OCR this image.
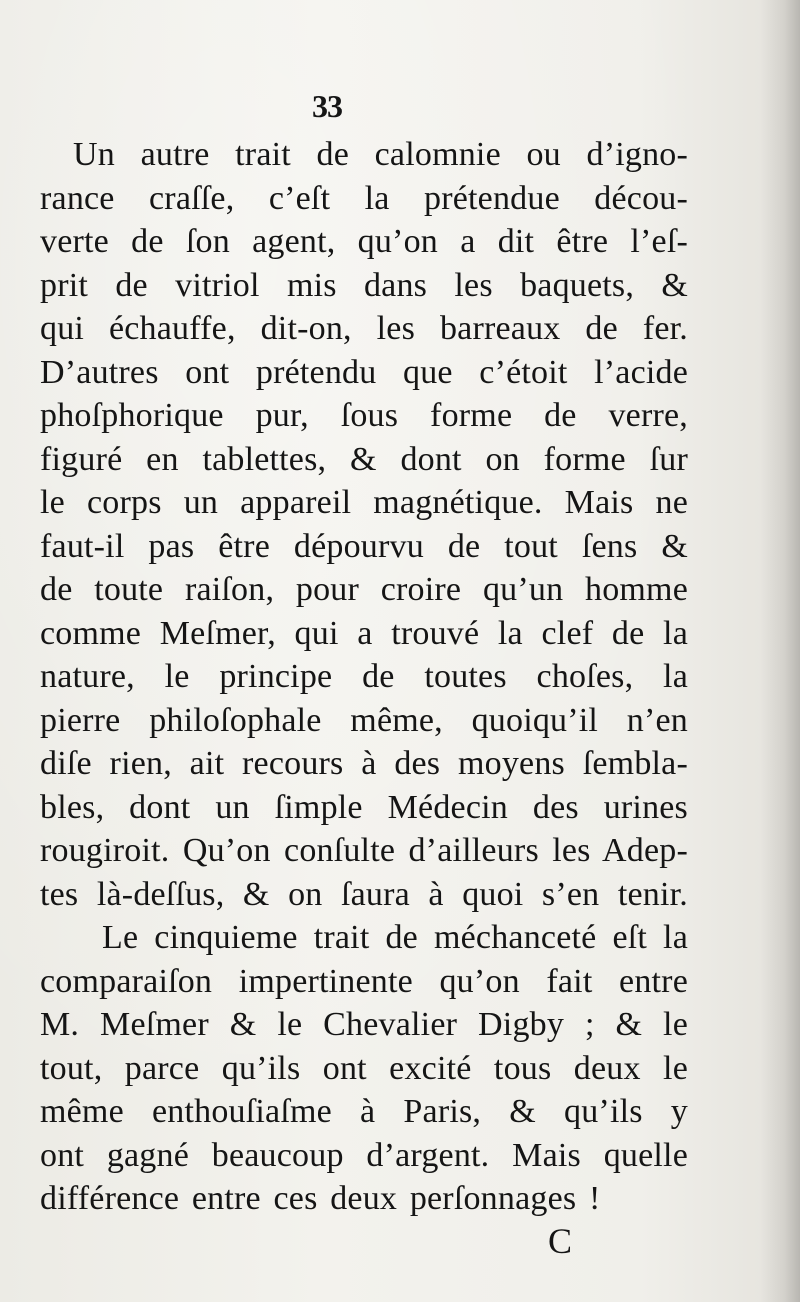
33
Un autre trait de calomnie ou d’igno-
rance craſſe, c’eſt la prétendue décou-
verte de ſon agent, qu’on a dit être l’eſ-
prit de vitriol mis dans les baquets, &
qui échauffe, dit-on, les barreaux de fer.
D’autres ont prétendu que c’étoit l’acide
phoſphorique pur, ſous forme de verre,
figuré en tablettes, & dont on forme ſur
le corps un appareil magnétique. Mais ne
faut-il pas être dépourvu de tout ſens &
de toute raiſon, pour croire qu’un homme
comme Meſmer, qui a trouvé la clef de la
nature, le principe de toutes choſes, la
pierre philoſophale même, quoiqu’il n’en
diſe rien, ait recours à des moyens ſembla-
bles, dont un ſimple Médecin des urines
rougiroit. Qu’on conſulte d’ailleurs les Adep-
tes là-deſſus, & on ſaura à quoi s’en tenir.
Le cinquieme trait de méchanceté eſt la
comparaiſon impertinente qu’on fait entre
M. Meſmer & le Chevalier Digby ; & le
tout, parce qu’ils ont excité tous deux le
même enthouſiaſme à Paris, & qu’ils y
ont gagné beaucoup d’argent. Mais quelle
différence entre ces deux perſonnages !
C
